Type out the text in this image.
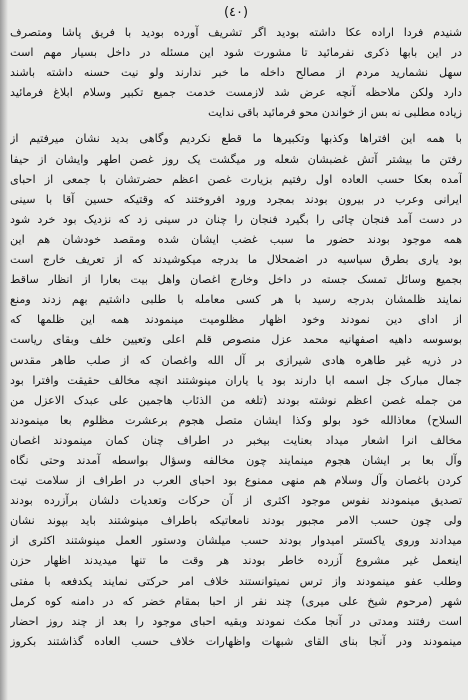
(٤٠)
شنیدم فردا اراده عکا داشته بودید اگر تشریف آورده بودید با فریق پاشا ومتصرف
در این بابها ذکری نفرمائید تا مشورت شود این مسئله در داخل بسیار مهم است
سهل نشمارید مردم از مصالح داخله ما خبر ندارند ولو نیت حسنه داشته باشند
دارد ولکن ملاحظه آنچه عرض شد لازمست خدمت جمیع تکبیر وسلام ابلاغ فرمائید
زیاده مطلبی نه بس از خواندن محو فرمائید باقی ندایت
با همه این افتراها وکذبها وتکبیرها ما قطع نکردیم وگاهی بدید نشان میرفتیم از
رفتن ما بیشتر آتش غضبشان شعله ور میگشت یک روز غصن اطهر وایشان از حیفا
آمده بعکا حسب العاده اول رفتیم بزیارت غصن اعظم حضرتشان با جمعی از احبای
ایرانی وعرب در بیرون بودند بمجرد ورود افروختند که وقتیکه حسین آقا با سینی
در دست آمد فنجان چائی را بگیرد فنجان را چنان در سینی زد که نزدیک بود خرد شود
همه موجود بودند حضور ما سبب غضب ایشان شده ومقصد خودشان هم این
بود یاری بطرق سیاسیه در اضمحلال ما بدرجه میکوشیدند که از تعریف خارج است
بجمیع وسائل تمسک جسته در داخل وخارج اغصان واهل بیت بعارا از انظار ساقط
نمایند ظلمشان بدرجه رسید با هر کسی معامله با طلبی داشتیم بهم زدند ومنع
از ادای دین نمودند وخود اظهار مظلومیت مینمودند همه این ظلمها که
بوسوسه داهیه اصفهانیه محمد عزل منصوص قلم اعلی وتعیین خلف وبقای ریاست
در ذریه غیر طاهره هادی شیرازی بر آل الله واغصان که از صلب طاهر مقدس
جمال مبارک جل اسمه ابا دارند بود یا یاران مینوشتند انچه مخالف حقیقت وافترا بود
من جمله غصن اعظم نوشته بودند (تلغه من الذئاب هاجمین علی عبدک الاعزل من
السلاح) معاذالله خود بولو وکذا ایشان متصل هجوم برعشرت مظلوم بعا مینمودند
مخالف انرا اشعار میداد بعنایت بیخبر در اطراف چنان کمان مینمودند اغصان
وآل بعا بر ایشان هجوم مینمایند چون مخالفه وسؤال بواسطه آمدند وحتی نگاه
کردن باغصان وآل وسلام هم منهی ممنوع بود احبای العرب در اطراف از سلامت نیت
تصدیق مینمودند نفوس موجود اکثری از آن حرکات وتعدیات دلشان برآزرده بودند
ولی چون حسب الامر مجبور بودند نامعاتیکه باطراف مینوشتند باید بپوند نشان
میدادند وروی یاکستر امیدوار بودند حسب میلشان ودستور العمل مینوشتند اکثری از
اینعمل غیر مشروع آزرده خاطر بودند هر وقت ما تنها میدیدند اظهار حزن
وطلب عفو مینمودند واز ترس نمیتوانستند خلاف امر حرکتی نمایند یکدفعه با مفتی
شهر (مرحوم شیخ علی میری) چند نفر از احبا بمقام خضر که در دامنه کوه کرمل
است رفتند ومدتی در آنجا مکث نمودند وبقیه احبای موجود را بعد از چند روز احضار
مینمودند ودر آنجا بنای القای شبهات واظهارات خلاف حسب العاده گذاشتند بکروز
